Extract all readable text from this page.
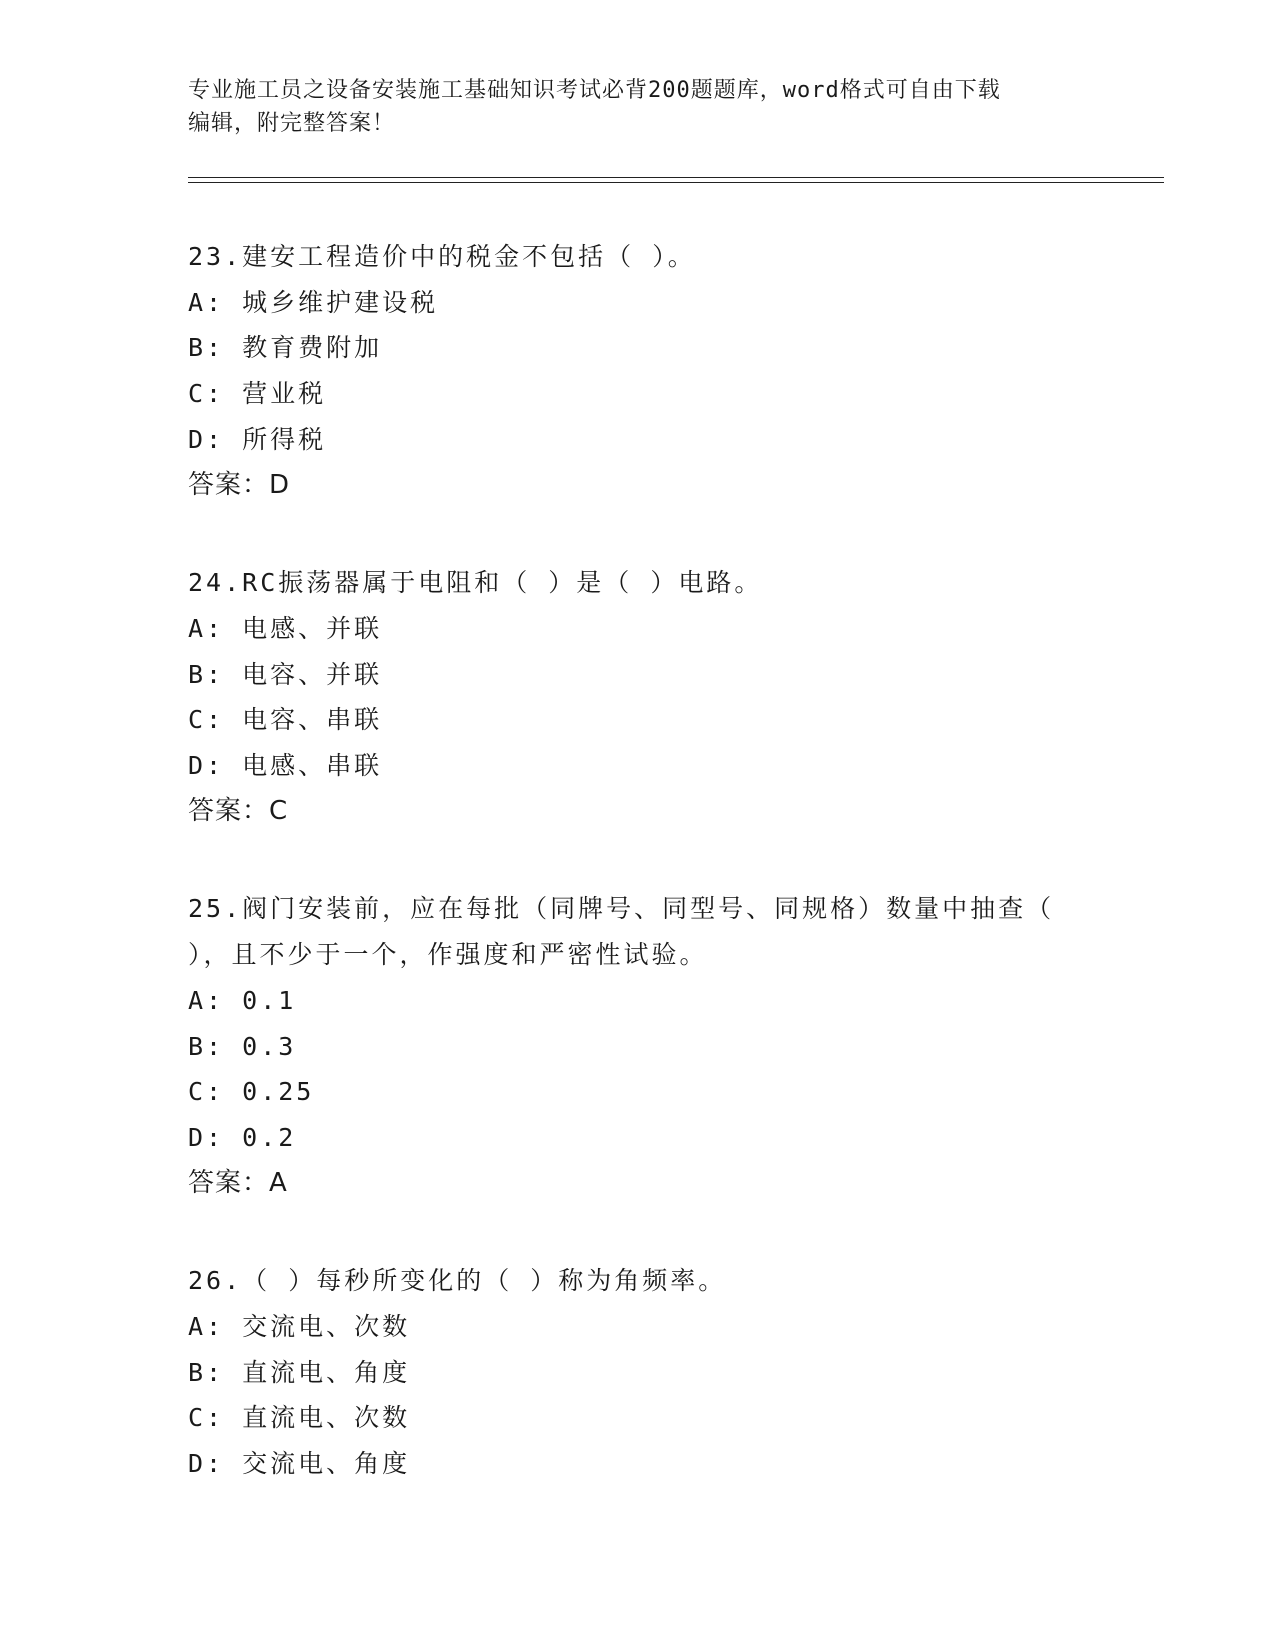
专业施工员之设备安装施工基础知识考试必背200题题库，word格式可自由下载
编辑，附完整答案！
23.建安工程造价中的税金不包括（ ）。
A: 城乡维护建设税
B: 教育费附加
C: 营业税
D: 所得税
答案：D
24.RC振荡器属于电阻和（ ）是（ ）电路。
A: 电感、并联
B: 电容、并联
C: 电容、串联
D: 电感、串联
答案：C
25.阀门安装前，应在每批（同牌号、同型号、同规格）数量中抽查（
），且不少于一个，作强度和严密性试验。
A: 0.1
B: 0.3
C: 0.25
D: 0.2
答案：A
26.（ ）每秒所变化的（ ）称为角频率。
A: 交流电、次数
B: 直流电、角度
C: 直流电、次数
D: 交流电、角度
